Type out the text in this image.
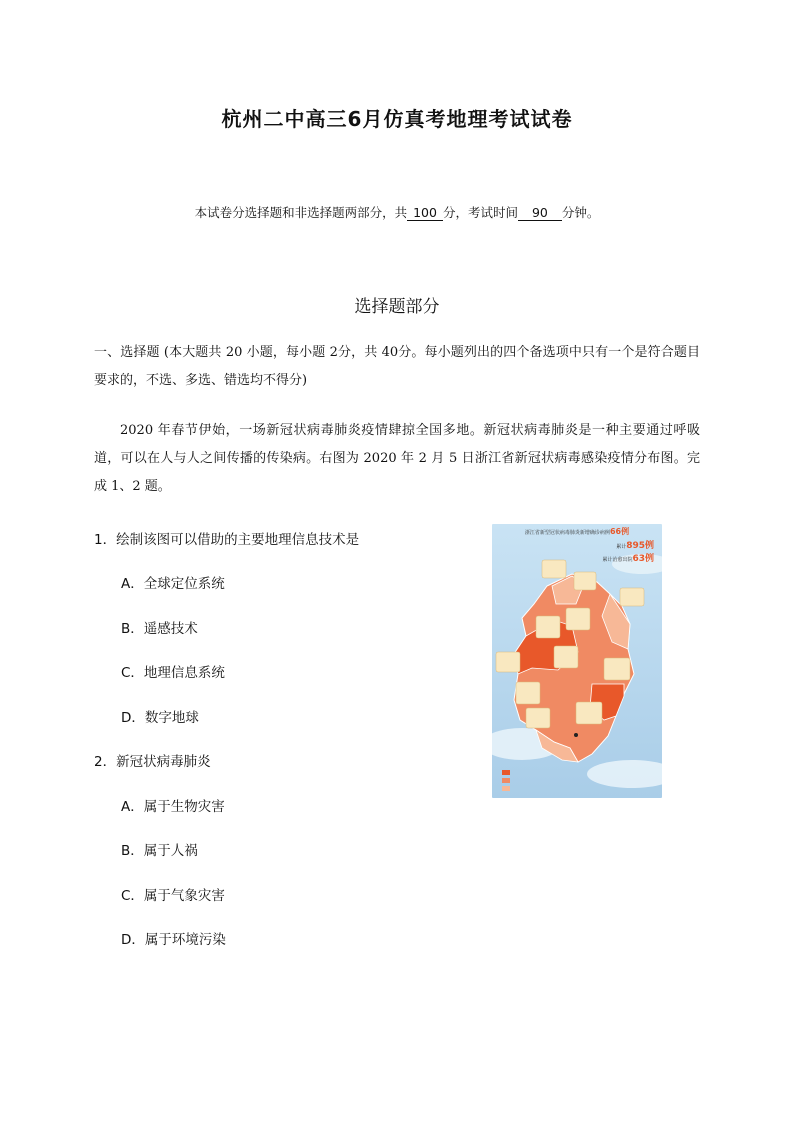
杭州二中高三6月仿真考地理考试试卷
本试卷分选择题和非选择题两部分，共 100 分，考试时间 90 分钟。
选择题部分
一、选择题 (本大题共 20 小题，每小题 2分，共 40分。每小题列出的四个备选项中只有一个是符合题目要求的，不选、多选、错选均不得分)
2020 年春节伊始，一场新冠状病毒肺炎疫情肆掠全国多地。新冠状病毒肺炎是一种主要通过呼吸道，可以在人与人之间传播的传染病。右图为 2020 年 2 月 5 日浙江省新冠状病毒感染疫情分布图。完成 1、2 题。
1．绘制该图可以借助的主要地理信息技术是
A．全球定位系统
B．遥感技术
C．地理信息系统
D．数字地球
2．新冠状病毒肺炎
A．属于生物灾害
B．属于人祸
C．属于气象灾害
D．属于环境污染
浙江省新型冠状病毒肺炎新增确诊病例66例
累计895例
累计治愈出院63例
